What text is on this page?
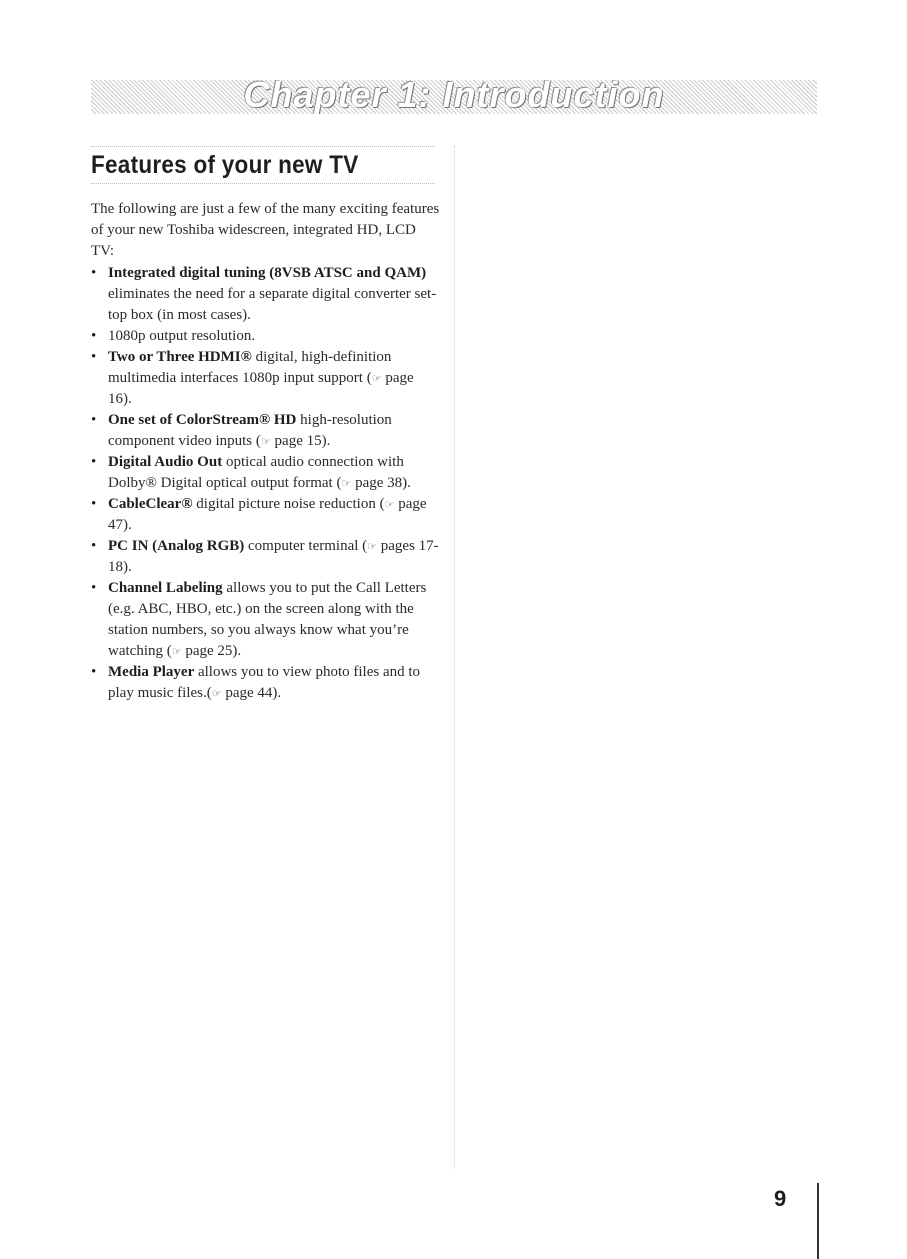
Chapter 1: Introduction
Features of your new TV

The following are just a few of the many exciting features of your new Toshiba widescreen, integrated HD, LCD TV:

• Integrated digital tuning (8VSB ATSC and QAM) eliminates the need for a separate digital converter set-top box (in most cases).
• 1080p output resolution.
• Two or Three HDMI® digital, high-definition multimedia interfaces 1080p input support (☞ page 16).
• One set of ColorStream® HD high-resolution component video inputs (☞ page 15).
• Digital Audio Out optical audio connection with Dolby® Digital optical output format (☞ page 38).
• CableClear® digital picture noise reduction (☞ page 47).
• PC IN (Analog RGB) computer terminal (☞ pages 17-18).
• Channel Labeling allows you to put the Call Letters (e.g. ABC, HBO, etc.) on the screen along with the station numbers, so you always know what you’re watching (☞ page 25).
• Media Player allows you to view photo files and to play music files.(☞ page 44).
9
